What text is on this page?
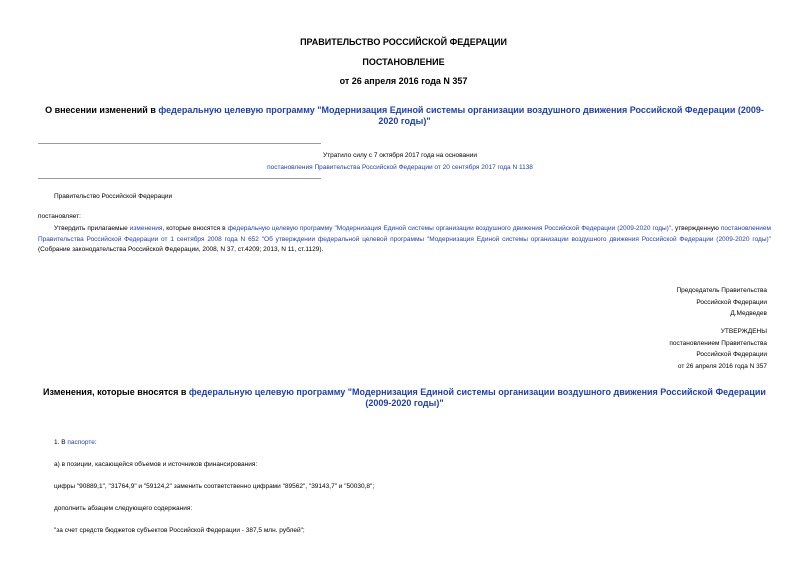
ПРАВИТЕЛЬСТВО РОССИЙСКОЙ ФЕДЕРАЦИИ
ПОСТАНОВЛЕНИЕ
от 26 апреля 2016 года N 357
О внесении изменений в федеральную целевую программу "Модернизация Единой системы организации воздушного движения Российской Федерации (2009-2020 годы)"
Утратило силу с 7 октября 2017 года на основании
постановления Правительства Российской Федерации от 20 сентября 2017 года N 1138
Правительство Российской Федерации
постановляет:
Утвердить прилагаемые изменения, которые вносятся в федеральную целевую программу "Модернизация Единой системы организации воздушного движения Российской Федерации (2009-2020 годы)", утвержденную постановлением Правительства Российской Федерации от 1 сентября 2008 года N 652 "Об утверждении федеральной целевой программы "Модернизация Единой системы организации воздушного движения Российской Федерации (2009-2020 годы)" (Собрание законодательства Российской Федерации, 2008, N 37, ст.4209; 2013, N 11, ст.1129).
Председатель Правительства
Российской Федерации
Д.Медведев
УТВЕРЖДЕНЫ
постановлением Правительства
Российской Федерации
от 26 апреля 2016 года N 357
Изменения, которые вносятся в федеральную целевую программу "Модернизация Единой системы организации воздушного движения Российской Федерации (2009-2020 годы)"
1. В паспорте:
а) в позиции, касающейся объемов и источников финансирования:
цифры "90889,1", "31764,9" и "59124,2" заменить соответственно цифрами "89562", "39143,7" и "50030,8";
дополнить абзацем следующего содержания:
"за счет средств бюджетов субъектов Российской Федерации - 387,5 млн. рублей";
